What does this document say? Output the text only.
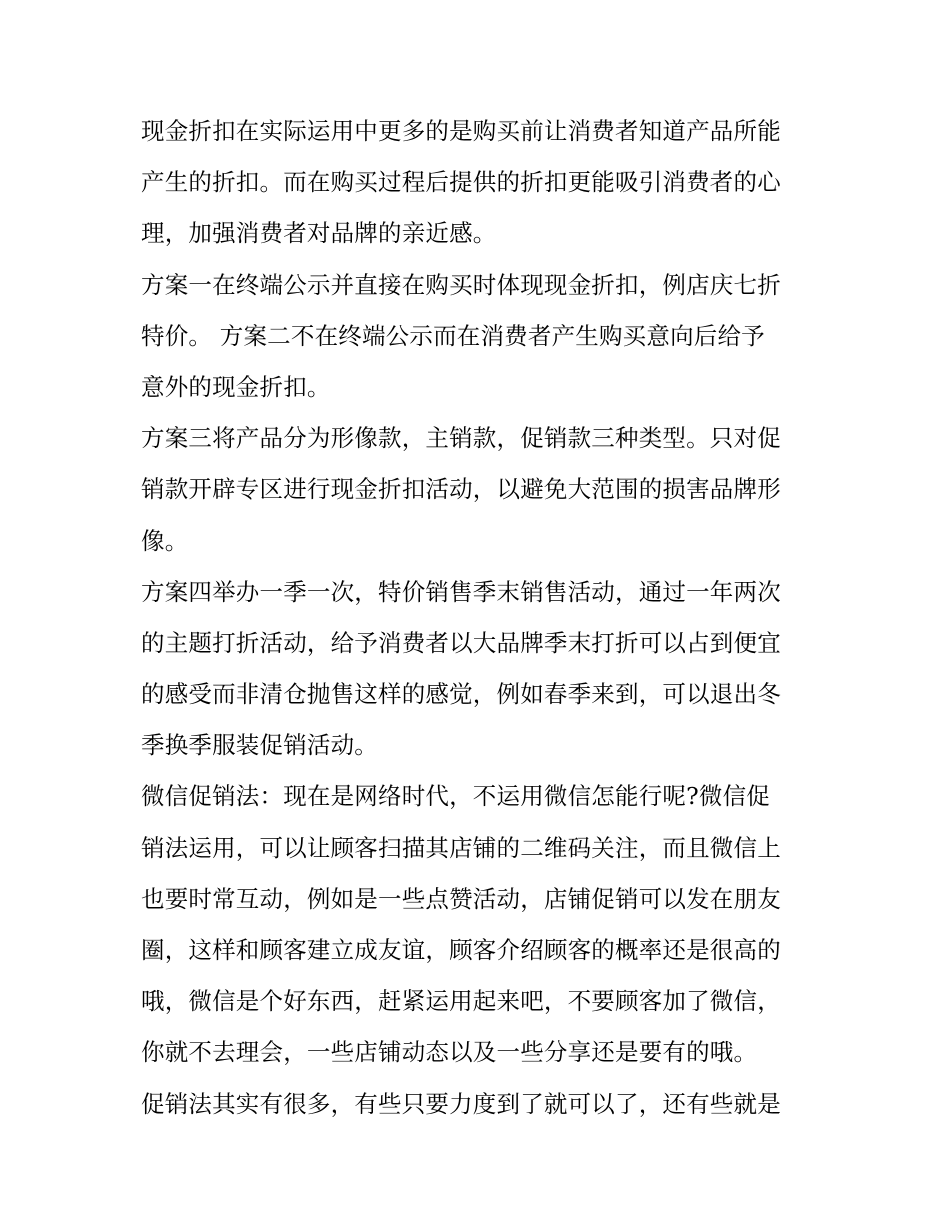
现金折扣在实际运用中更多的是购买前让消费者知道产品所能
产生的折扣。而在购买过程后提供的折扣更能吸引消费者的心
理，加强消费者对品牌的亲近感。
方案一在终端公示并直接在购买时体现现金折扣，例店庆七折
特价。 方案二不在终端公示而在消费者产生购买意向后给予
意外的现金折扣。
方案三将产品分为形像款，主销款，促销款三种类型。只对促
销款开辟专区进行现金折扣活动，以避免大范围的损害品牌形
像。
方案四举办一季一次，特价销售季末销售活动，通过一年两次
的主题打折活动，给予消费者以大品牌季末打折可以占到便宜
的感受而非清仓抛售这样的感觉，例如春季来到，可以退出冬
季换季服装促销活动。
微信促销法：现在是网络时代，不运用微信怎能行呢?微信促
销法运用，可以让顾客扫描其店铺的二维码关注，而且微信上
也要时常互动，例如是一些点赞活动，店铺促销可以发在朋友
圈，这样和顾客建立成友谊，顾客介绍顾客的概率还是很高的
哦，微信是个好东西，赶紧运用起来吧，不要顾客加了微信，
你就不去理会，一些店铺动态以及一些分享还是要有的哦。
促销法其实有很多，有些只要力度到了就可以了，还有些就是
